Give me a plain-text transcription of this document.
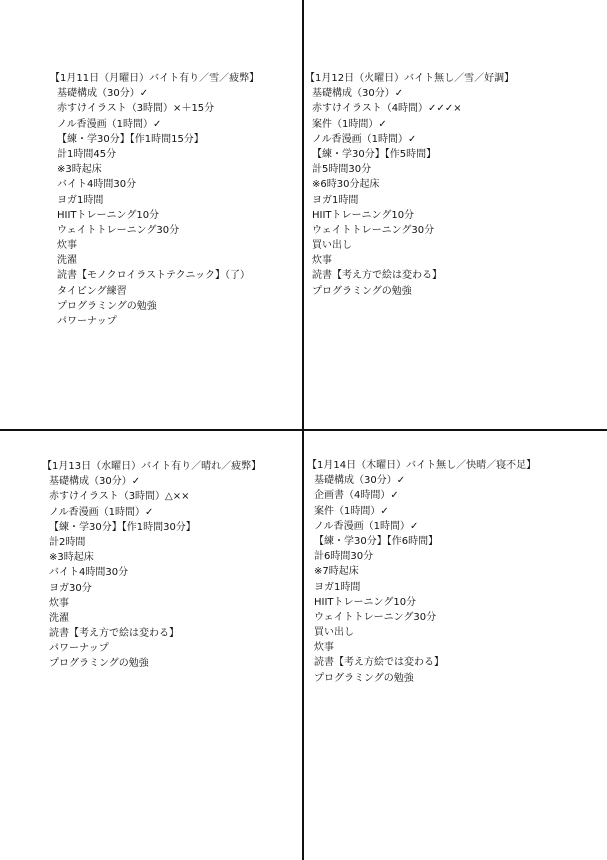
【1月11日（月曜日）バイト有り／雪／疲弊】
基礎構成（30分）✓
赤すけイラスト（3時間）×＋15分
ノル香漫画（1時間）✓
【練・学30分】【作1時間15分】
計1時間45分
※3時起床
バイト4時間30分
ヨガ1時間
HIITトレーニング10分
ウェイトトレーニング30分
炊事
洗濯
読書【モノクロイラストテクニック】（了）
タイピング練習
プログラミングの勉強
パワーナップ
【1月12日（火曜日）バイト無し／雪／好調】
基礎構成（30分）✓
赤すけイラスト（4時間）✓✓✓×
案件（1時間）✓
ノル香漫画（1時間）✓
【練・学30分】【作5時間】
計5時間30分
※6時30分起床
ヨガ1時間
HIITトレーニング10分
ウェイトトレーニング30分
買い出し
炊事
読書【考え方で絵は変わる】
プログラミングの勉強
【1月13日（水曜日）バイト有り／晴れ／疲弊】
基礎構成（30分）✓
赤すけイラスト（3時間）△××
ノル香漫画（1時間）✓
【練・学30分】【作1時間30分】
計2時間
※3時起床
バイト4時間30分
ヨガ30分
炊事
洗濯
読書【考え方で絵は変わる】
パワーナップ
プログラミングの勉強
【1月14日（木曜日）バイト無し／快晴／寝不足】
基礎構成（30分）✓
企画書（4時間）✓
案件（1時間）✓
ノル香漫画（1時間）✓
【練・学30分】【作6時間】
計6時間30分
※7時起床
ヨガ1時間
HIITトレーニング10分
ウェイトトレーニング30分
買い出し
炊事
読書【考え方絵では変わる】
プログラミングの勉強
